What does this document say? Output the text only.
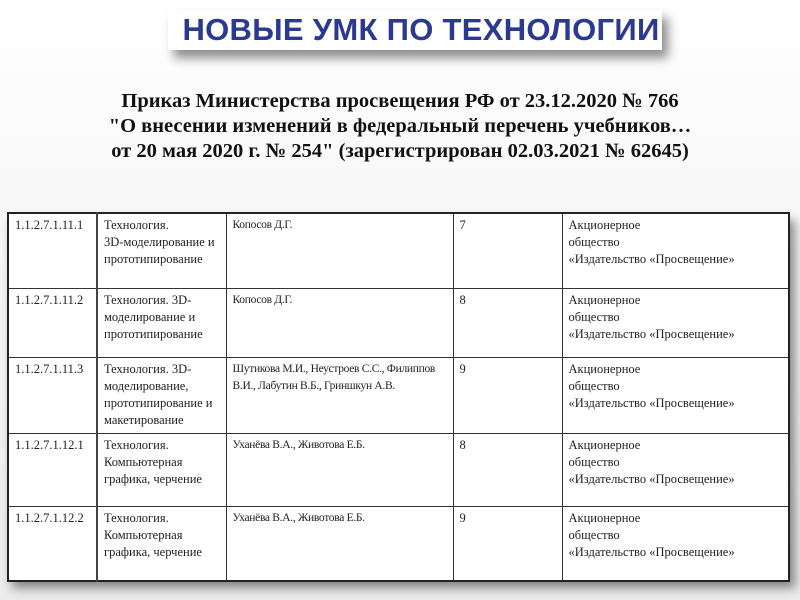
НОВЫЕ УМК ПО ТЕХНОЛОГИИ
Приказ Министерства просвещения РФ от 23.12.2020 № 766
"О внесении изменений в федеральный перечень учебников…
от 20 мая 2020 г. № 254" (зарегистрирован 02.03.2021 № 62645)
1.1.2.7.1.11.1	Технология.
3D-моделирование и
прототипирование
	Копосов Д.Г.	7	Акционерное
общество
«Издательство «Просвещение»

1.1.2.7.1.11.2	Технология. 3D-
моделирование и
прототипирование
	Копосов Д.Г.	8	Акционерное
общество
«Издательство «Просвещение»

1.1.2.7.1.11.3	Технология. 3D-
моделирование,
прототипирование и
макетирование
	Шутикова М.И., Неустроев С.С., Филиппов В.И., Лабутин В.Б., Гриншкун А.В.	9	Акционерное
общество
«Издательство «Просвещение»

1.1.2.7.1.12.1	Технология.
Компьютерная
графика, черчение
	Уханёва В.А., Животова Е.Б.	8	Акционерное
общество
«Издательство «Просвещение»

1.1.2.7.1.12.2	Технология.
Компьютерная
графика, черчение
	Уханёва В.А., Животова Е.Б.	9	Акционерное
общество
«Издательство «Просвещение»
